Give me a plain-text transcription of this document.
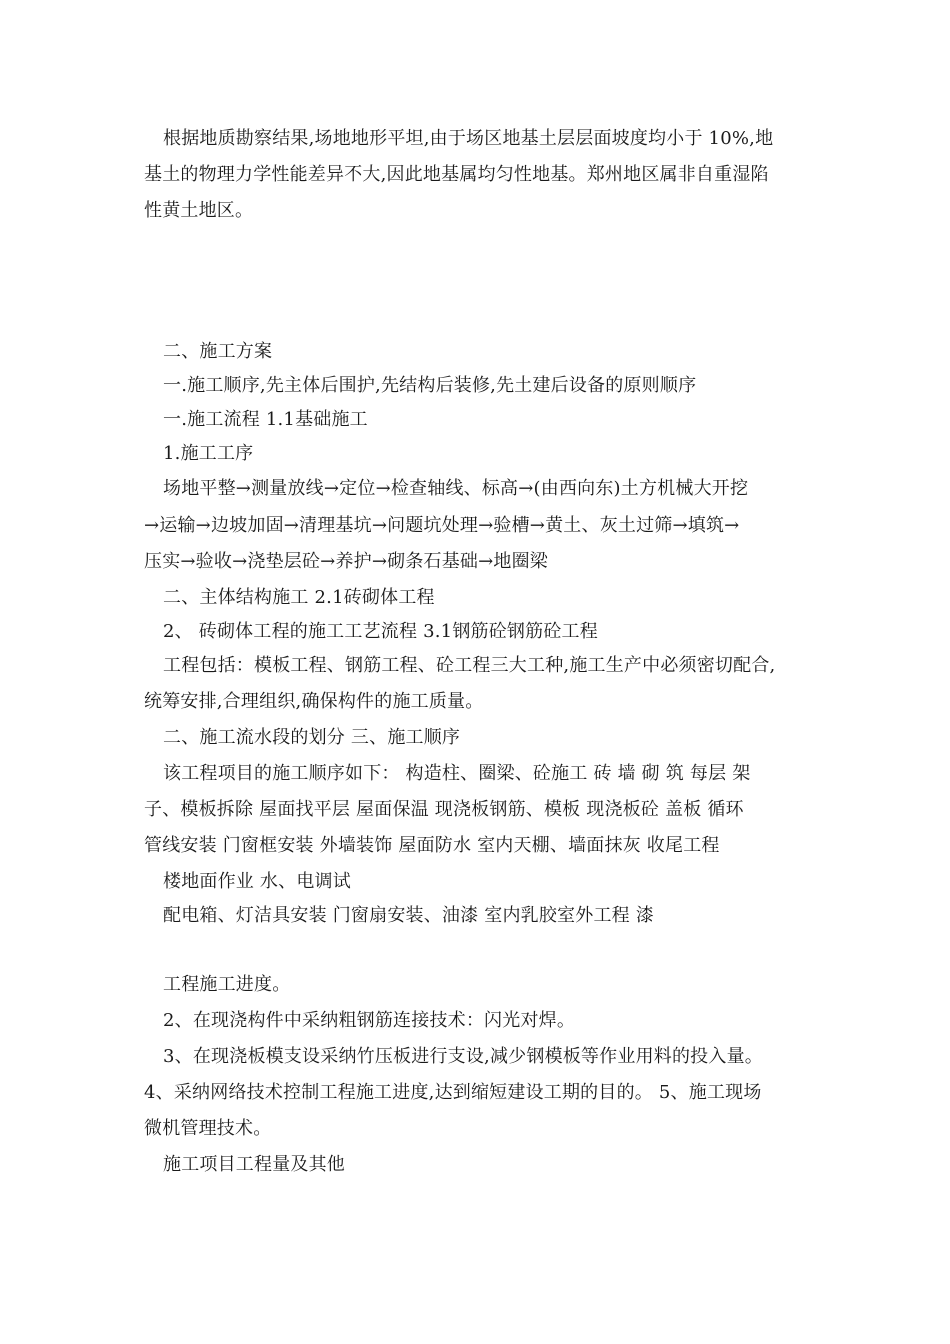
根据地质勘察结果,场地地形平坦,由于场区地基土层层面坡度均小于 10%,地

基土的物理力学性能差异不大,因此地基属均匀性地基。郑州地区属非自重湿陷

性黄土地区。

二、施工方案

一.施工顺序,先主体后围护,先结构后装修,先土建后设备的原则顺序

一.施工流程 1.1基础施工

1.施工工序

场地平整→测量放线→定位→检查轴线、标高→(由西向东)土方机械大开挖

→运输→边坡加固→清理基坑→问题坑处理→验槽→黄土、灰土过筛→填筑→

压实→验收→浇垫层砼→养护→砌条石基础→地圈梁

二、主体结构施工 2.1砖砌体工程

2、 砖砌体工程的施工工艺流程 3.1钢筋砼钢筋砼工程

工程包括：模板工程、钢筋工程、砼工程三大工种,施工生产中必须密切配合,

统筹安排,合理组织,确保构件的施工质量。

二、施工流水段的划分 三、施工顺序

该工程项目的施工顺序如下： 构造柱、圈梁、砼施工 砖 墙 砌 筑 每层 架

子、模板拆除 屋面找平层 屋面保温 现浇板钢筋、模板 现浇板砼 盖板 循环

管线安装 门窗框安装 外墙装饰 屋面防水 室内天棚、墙面抹灰 收尾工程

楼地面作业 水、电调试

配电箱、灯洁具安装 门窗扇安装、油漆 室内乳胶室外工程 漆

工程施工进度。

2、在现浇构件中采纳粗钢筋连接技术：闪光对焊。

3、在现浇板模支设采纳竹压板进行支设,减少钢模板等作业用料的投入量。

4、采纳网络技术控制工程施工进度,达到缩短建设工期的目的。 5、施工现场

微机管理技术。

施工项目工程量及其他
